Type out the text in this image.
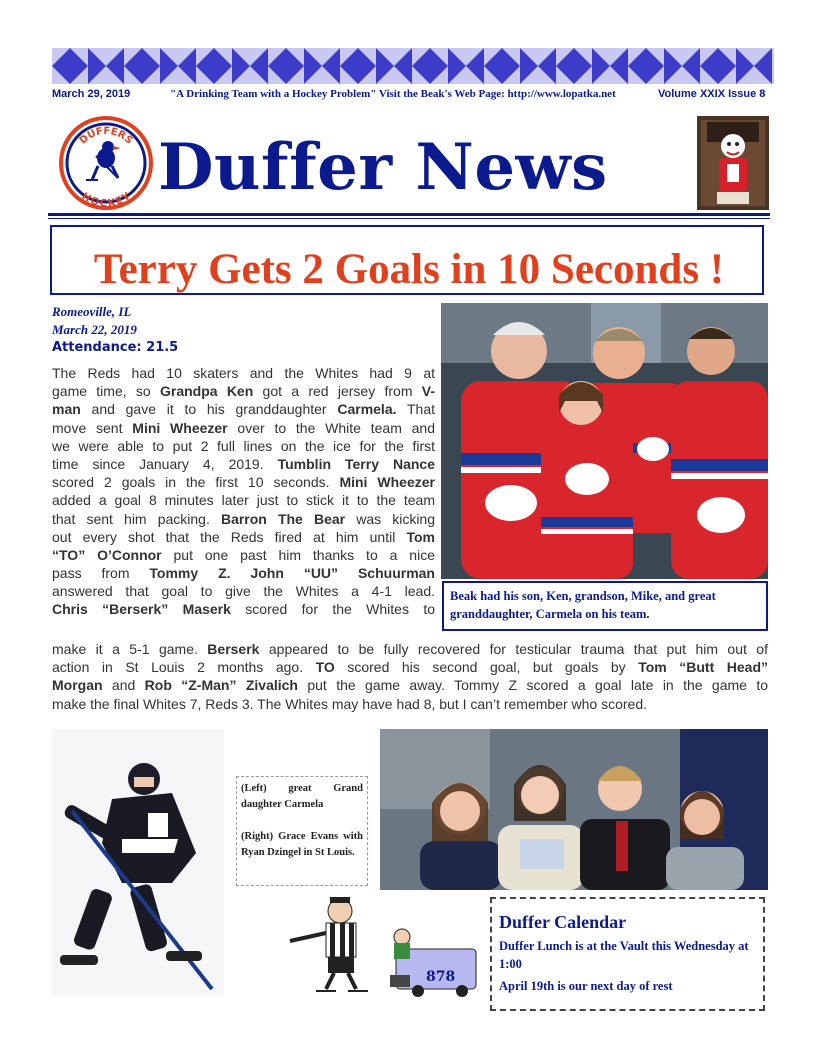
March 29, 2019	"A Drinking Team with a Hockey Problem" Visit the Beak's Web Page: http://www.lopatka.net	Volume XXIX Issue 8
DUFFERS
HOCKEY Duffer News
Terry Gets 2 Goals in 10 Seconds !
Romeoville, IL
March 22, 2019
Attendance: 21.5
The Reds had 10 skaters and the Whites had 9 at
game time, so Grandpa Ken got a red jersey from V-
man and gave it to his granddaughter Carmela. That
move sent Mini Wheezer over to the White team and
we were able to put 2 full lines on the ice for the first
time since January 4, 2019. Tumblin Terry Nance
scored 2 goals in the first 10 seconds. Mini Wheezer
added a goal 8 minutes later just to stick it to the team
that sent him packing. Barron The Bear was kicking
out every shot that the Reds fired at him until Tom
“TO” O’Connor put one past him thanks to a nice
pass from Tommy Z. John “UU” Schuurman
answered that goal to give the Whites a 4-1 lead.
Chris “Berserk” Maserk scored for the Whites to
make it a 5-1 game. Berserk appeared to be fully recovered for testicular trauma that put him out of
action in St Louis 2 months ago. TO scored his second goal, but goals by Tom “Butt Head”
Morgan and Rob “Z-Man” Zivalich put the game away. Tommy Z scored a goal late in the game to
make the final Whites 7, Reds 3. The Whites may have had 8, but I can’t remember who scored.
Beak had his son, Ken, grandson, Mike, and great granddaughter, Carmela on his team.

(Left) great Grand daughter Carmela

(Right) Grace Evans with Ryan Dzingel in St Louis.

878
Duffer Calendar
Duffer Lunch is at the Vault this Wednesday at 1:00
April 19th is our next day of rest
